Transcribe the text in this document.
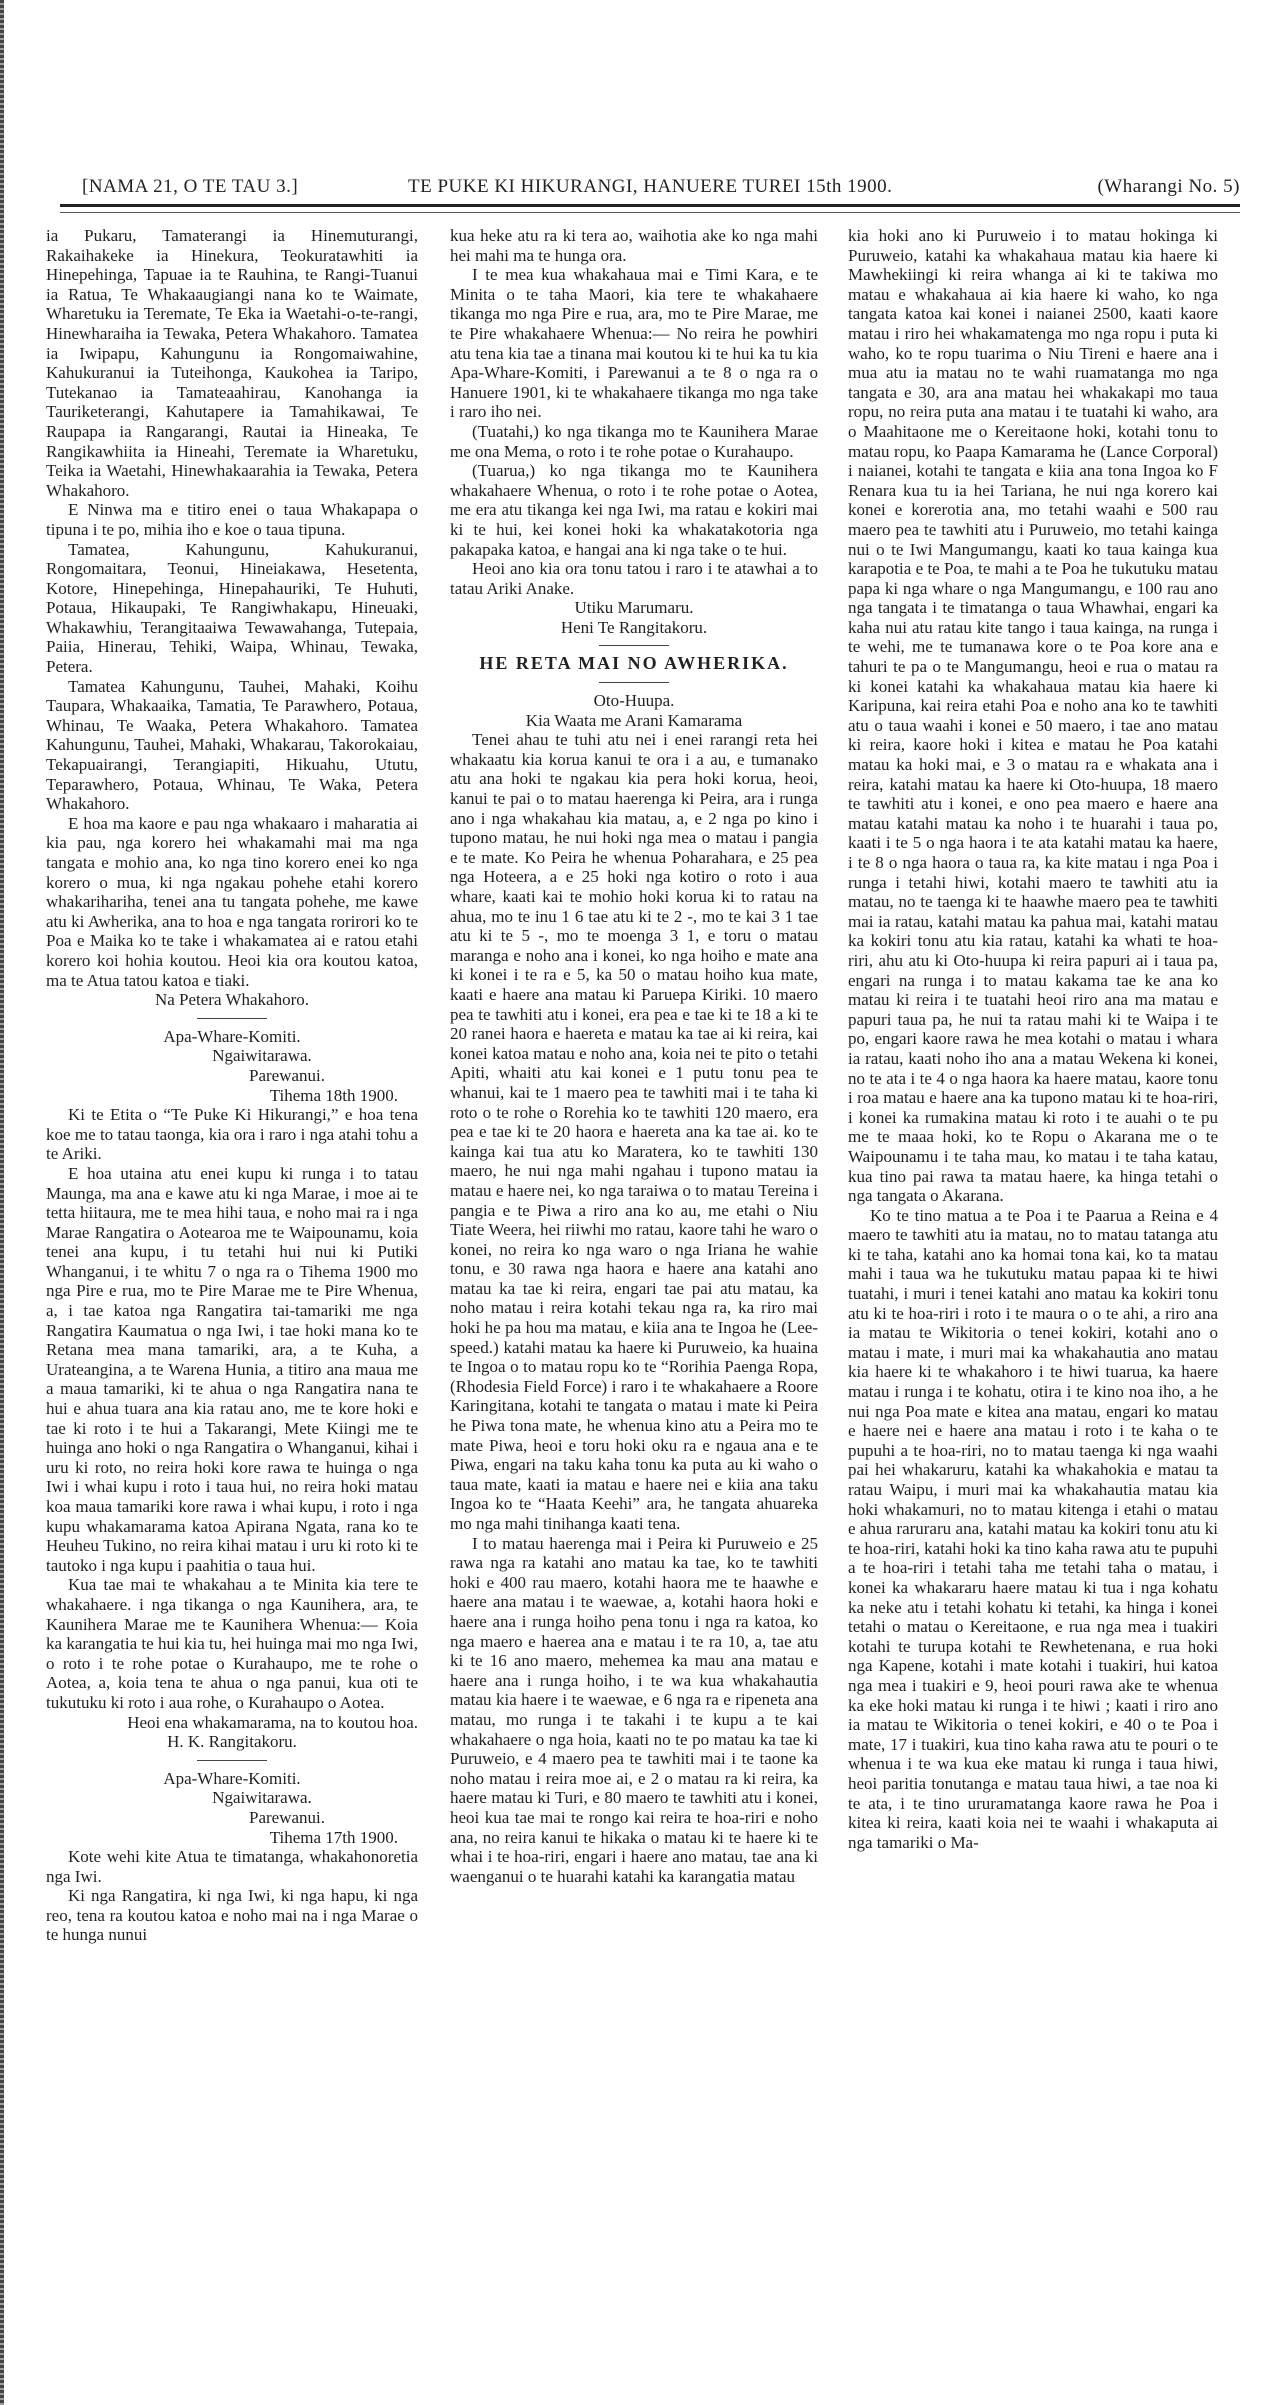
[NAMA 21, O TE TAU 3.]	TE PUKE KI HIKURANGI, HANUERE TUREI 15th 1900.	(Wharangi No. 5)

ia Pukaru, Tamaterangi ia Hinemuturangi, Rakaihakeke ia Hinekura, Teokuratawhiti ia Hinepehinga, Tapuae ia te Rauhina, te Rangi-Tuanui ia Ratua, Te Whakaaugiangi nana ko te Waimate, Wharetuku ia Teremate, Te Eka ia Waetahi-o-te-rangi, Hinewharaiha ia Tewaka, Petera Whakahoro. Tamatea ia Iwipapu, Kahungunu ia Rongomaiwahine, Kahukuranui ia Tuteihonga, Kaukohea ia Taripo, Tutekanao ia Tamateaahirau, Kanohanga ia Tauriketerangi, Kahutapere ia Tamahikawai, Te Raupapa ia Rangarangi, Rautai ia Hineaka, Te Rangikawhiita ia Hineahi, Teremate ia Wharetuku, Teika ia Waetahi, Hinewhakaarahia ia Tewaka, Petera Whakahoro.

E Ninwa ma e titiro enei o taua Whakapapa o tipuna i te po, mihia iho e koe o taua tipuna.

Tamatea, Kahungunu, Kahukuranui, Rongomaitara, Teonui, Hineiakawa, Hesetenta, Kotore, Hinepehinga, Hinepahauriki, Te Huhuti, Potaua, Hikaupaki, Te Rangiwhakapu, Hineuaki, Whakawhiu, Terangitaaiwa Tewawahanga, Tutepaia, Paiia, Hinerau, Tehiki, Waipa, Whinau, Tewaka, Petera.

Tamatea Kahungunu, Tauhei, Mahaki, Koihu Taupara, Whakaaika, Tamatia, Te Parawhero, Potaua, Whinau, Te Waaka, Petera Whakahoro. Tamatea Kahungunu, Tauhei, Mahaki, Whakarau, Takorokaiau, Tekapuairangi, Terangiapiti, Hikuahu, Ututu, Teparawhero, Potaua, Whinau, Te Waka, Petera Whakahoro.

E hoa ma kaore e pau nga whakaaro i maharatia ai kia pau, nga korero hei whakamahi mai ma nga tangata e mohio ana, ko nga tino korero enei ko nga korero o mua, ki nga ngakau pohehe etahi korero whakarihariha, tenei ana tu tangata pohehe, me kawe atu ki Awherika, ana to hoa e nga tangata rorirori ko te Poa e Maika ko te take i whakamatea ai e ratou etahi korero koi hohia koutou. Heoi kia ora koutou katoa, ma te Atua tatou katoa e tiaki.

Na Petera Whakahoro.

Apa-Whare-Komiti.

Ngaiwitarawa.

Parewanui.

Tihema 18th 1900.

Ki te Etita o “Te Puke Ki Hikurangi,” e hoa tena koe me to tatau taonga, kia ora i raro i nga atahi tohu a te Ariki.

E hoa utaina atu enei kupu ki runga i to tatau Maunga, ma ana e kawe atu ki nga Marae, i moe ai te tetta hiitaura, me te mea hihi taua, e noho mai ra i nga Marae Rangatira o Aotearoa me te Waipounamu, koia tenei ana kupu, i tu tetahi hui nui ki Putiki Whanganui, i te whitu 7 o nga ra o Tihema 1900 mo nga Pire e rua, mo te Pire Marae me te Pire Whenua, a, i tae katoa nga Rangatira tai-tamariki me nga Rangatira Kaumatua o nga Iwi, i tae hoki mana ko te Retana mea mana tamariki, ara, a te Kuha, a Urateangina, a te Warena Hunia, a titiro ana maua me a maua tamariki, ki te ahua o nga Rangatira nana te hui e ahua tuara ana kia ratau ano, me te kore hoki e tae ki roto i te hui a Takarangi, Mete Kiingi me te huinga ano hoki o nga Rangatira o Whanganui, kihai i uru ki roto, no reira hoki kore rawa te huinga o nga Iwi i whai kupu i roto i taua hui, no reira hoki matau koa maua tamariki kore rawa i whai kupu, i roto i nga kupu whakamarama katoa Apirana Ngata, rana ko te Heuheu Tukino, no reira kihai matau i uru ki roto ki te tautoko i nga kupu i paahitia o taua hui.

Kua tae mai te whakahau a te Minita kia tere te whakahaere. i nga tikanga o nga Kaunihera, ara, te Kaunihera Marae me te Kaunihera Whenua:— Koia ka karangatia te hui kia tu, hei huinga mai mo nga Iwi, o roto i te rohe potae o Kurahaupo, me te rohe o Aotea, a, koia tena te ahua o nga panui, kua oti te tukutuku ki roto i aua rohe, o Kurahaupo o Aotea.

Heoi ena whakamarama, na to koutou hoa.

H. K. Rangitakoru.

Apa-Whare-Komiti.

Ngaiwitarawa.

Parewanui.

Tihema 17th 1900.

Kote wehi kite Atua te timatanga, whakahonoretia nga Iwi.

Ki nga Rangatira, ki nga Iwi, ki nga hapu, ki nga reo, tena ra koutou katoa e noho mai na i nga Marae o te hunga nunui

kua heke atu ra ki tera ao, waihotia ake ko nga mahi hei mahi ma te hunga ora.

I te mea kua whakahaua mai e Timi Kara, e te Minita o te taha Maori, kia tere te whakahaere tikanga mo nga Pire e rua, ara, mo te Pire Marae, me te Pire whakahaere Whenua:— No reira he powhiri atu tena kia tae a tinana mai koutou ki te hui ka tu kia Apa-Whare-Komiti, i Parewanui a te 8 o nga ra o Hanuere 1901, ki te whakahaere tikanga mo nga take i raro iho nei.

(Tuatahi,) ko nga tikanga mo te Kaunihera Marae me ona Mema, o roto i te rohe potae o Kurahaupo.

(Tuarua,) ko nga tikanga mo te Kaunihera whakahaere Whenua, o roto i te rohe potae o Aotea, me era atu tikanga kei nga Iwi, ma ratau e kokiri mai ki te hui, kei konei hoki ka whakatakotoria nga pakapaka katoa, e hangai ana ki nga take o te hui.

Heoi ano kia ora tonu tatou i raro i te atawhai a to tatau Ariki Anake.

Utiku Marumaru.

Heni Te Rangitakoru.

HE RETA MAI NO AWHERIKA.

Oto-Huupa.

Kia Waata me Arani Kamarama

Tenei ahau te tuhi atu nei i enei rarangi reta hei whakaatu kia korua kanui te ora i a au, e tumanako atu ana hoki te ngakau kia pera hoki korua, heoi, kanui te pai o to matau haerenga ki Peira, ara i runga ano i nga whakahau kia matau, a, e 2 nga po kino i tupono matau, he nui hoki nga mea o matau i pangia e te mate. Ko Peira he whenua Poharahara, e 25 pea nga Hoteera, a e 25 hoki nga kotiro o roto i aua whare, kaati kai te mohio hoki korua ki to ratau na ahua, mo te inu 1 6 tae atu ki te 2 -, mo te kai 3 1 tae atu ki te 5 -, mo te moenga 3 1, e toru o matau maranga e noho ana i konei, ko nga hoiho e mate ana ki konei i te ra e 5, ka 50 o matau hoiho kua mate, kaati e haere ana matau ki Paruepa Kiriki. 10 maero pea te tawhiti atu i konei, era pea e tae ki te 18 a ki te 20 ranei haora e haereta e matau ka tae ai ki reira, kai konei katoa matau e noho ana, koia nei te pito o tetahi Apiti, whaiti atu kai konei e 1 putu tonu pea te whanui, kai te 1 maero pea te tawhiti mai i te taha ki roto o te rohe o Rorehia ko te tawhiti 120 maero, era pea e tae ki te 20 haora e haereta ana ka tae ai. ko te kainga kai tua atu ko Maratera, ko te tawhiti 130 maero, he nui nga mahi ngahau i tupono matau ia matau e haere nei, ko nga taraiwa o to matau Tereina i pangia e te Piwa a riro ana ko au, me etahi o Niu Tiate Weera, hei riiwhi mo ratau, kaore tahi he waro o konei, no reira ko nga waro o nga Iriana he wahie tonu, e 30 rawa nga haora e haere ana katahi ano matau ka tae ki reira, engari tae pai atu matau, ka noho matau i reira kotahi tekau nga ra, ka riro mai hoki he pa hou ma matau, e kiia ana te Ingoa he (Lee-speed.) katahi matau ka haere ki Puruweio, ka huaina te Ingoa o to matau ropu ko te “Rorihia Paenga Ropa, (Rhodesia Field Force) i raro i te whakahaere a Roore Karingitana, kotahi te tangata o matau i mate ki Peira he Piwa tona mate, he whenua kino atu a Peira mo te mate Piwa, heoi e toru hoki oku ra e ngaua ana e te Piwa, engari na taku kaha tonu ka puta au ki waho o taua mate, kaati ia matau e haere nei e kiia ana taku Ingoa ko te “Haata Keehi” ara, he tangata ahuareka mo nga mahi tinihanga kaati tena.

I to matau haerenga mai i Peira ki Puruweio e 25 rawa nga ra katahi ano matau ka tae, ko te tawhiti hoki e 400 rau maero, kotahi haora me te haawhe e haere ana matau i te waewae, a, kotahi haora hoki e haere ana i runga hoiho pena tonu i nga ra katoa, ko nga maero e haerea ana e matau i te ra 10, a, tae atu ki te 16 ano maero, mehemea ka mau ana matau e haere ana i runga hoiho, i te wa kua whakahautia matau kia haere i te waewae, e 6 nga ra e ripeneta ana matau, mo runga i te takahi i te kupu a te kai whakahaere o nga hoia, kaati no te po matau ka tae ki Puruweio, e 4 maero pea te tawhiti mai i te taone ka noho matau i reira moe ai, e 2 o matau ra ki reira, ka haere matau ki Turi, e 80 maero te tawhiti atu i konei, heoi kua tae mai te rongo kai reira te hoa-riri e noho ana, no reira kanui te hikaka o matau ki te haere ki te whai i te hoa-riri, engari i haere ano matau, tae ana ki waenganui o te huarahi katahi ka karangatia matau

kia hoki ano ki Puruweio i to matau hokinga ki Puruweio, katahi ka whakahaua matau kia haere ki Mawhekiingi ki reira whanga ai ki te takiwa mo matau e whakahaua ai kia haere ki waho, ko nga tangata katoa kai konei i naianei 2500, kaati kaore matau i riro hei whakamatenga mo nga ropu i puta ki waho, ko te ropu tuarima o Niu Tireni e haere ana i mua atu ia matau no te wahi ruamatanga mo nga tangata e 30, ara ana matau hei whakakapi mo taua ropu, no reira puta ana matau i te tuatahi ki waho, ara o Maahitaone me o Kereitaone hoki, kotahi tonu to matau ropu, ko Paapa Kamarama he (Lance Corporal) i naianei, kotahi te tangata e kiia ana tona Ingoa ko F Renara kua tu ia hei Tariana, he nui nga korero kai konei e korerotia ana, mo tetahi waahi e 500 rau maero pea te tawhiti atu i Puruweio, mo tetahi kainga nui o te Iwi Mangumangu, kaati ko taua kainga kua karapotia e te Poa, te mahi a te Poa he tukutuku matau papa ki nga whare o nga Mangumangu, e 100 rau ano nga tangata i te timatanga o taua Whawhai, engari ka kaha nui atu ratau kite tango i taua kainga, na runga i te wehi, me te tumanawa kore o te Poa kore ana e tahuri te pa o te Mangumangu, heoi e rua o matau ra ki konei katahi ka whakahaua matau kia haere ki Karipuna, kai reira etahi Poa e noho ana ko te tawhiti atu o taua waahi i konei e 50 maero, i tae ano matau ki reira, kaore hoki i kitea e matau he Poa katahi matau ka hoki mai, e 3 o matau ra e whakata ana i reira, katahi matau ka haere ki Oto-huupa, 18 maero te tawhiti atu i konei, e ono pea maero e haere ana matau katahi matau ka noho i te huarahi i taua po, kaati i te 5 o nga haora i te ata katahi matau ka haere, i te 8 o nga haora o taua ra, ka kite matau i nga Poa i runga i tetahi hiwi, kotahi maero te tawhiti atu ia matau, no te taenga ki te haawhe maero pea te tawhiti mai ia ratau, katahi matau ka pahua mai, katahi matau ka kokiri tonu atu kia ratau, katahi ka whati te hoa-riri, ahu atu ki Oto-huupa ki reira papuri ai i taua pa, engari na runga i to matau kakama tae ke ana ko matau ki reira i te tuatahi heoi riro ana ma matau e papuri taua pa, he nui ta ratau mahi ki te Waipa i te po, engari kaore rawa he mea kotahi o matau i whara ia ratau, kaati noho iho ana a matau Wekena ki konei, no te ata i te 4 o nga haora ka haere matau, kaore tonu i roa matau e haere ana ka tupono matau ki te hoa-riri, i konei ka rumakina matau ki roto i te auahi o te pu me te maaa hoki, ko te Ropu o Akarana me o te Waipounamu i te taha mau, ko matau i te taha katau, kua tino pai rawa ta matau haere, ka hinga tetahi o nga tangata o Akarana.

Ko te tino matua a te Poa i te Paarua a Reina e 4 maero te tawhiti atu ia matau, no to matau tatanga atu ki te taha, katahi ano ka homai tona kai, ko ta matau mahi i taua wa he tukutuku matau papaa ki te hiwi tuatahi, i muri i tenei katahi ano matau ka kokiri tonu atu ki te hoa-riri i roto i te maura o o te ahi, a riro ana ia matau te Wikitoria o tenei kokiri, kotahi ano o matau i mate, i muri mai ka whakahautia ano matau kia haere ki te whakahoro i te hiwi tuarua, ka haere matau i runga i te kohatu, otira i te kino noa iho, a he nui nga Poa mate e kitea ana matau, engari ko matau e haere nei e haere ana matau i roto i te kaha o te pupuhi a te hoa-riri, no to matau taenga ki nga waahi pai hei whakaruru, katahi ka whakahokia e matau ta ratau Waipu, i muri mai ka whakahautia matau kia hoki whakamuri, no to matau kitenga i etahi o matau e ahua raruraru ana, katahi matau ka kokiri tonu atu ki te hoa-riri, katahi hoki ka tino kaha rawa atu te pupuhi a te hoa-riri i tetahi taha me tetahi taha o matau, i konei ka whakararu haere matau ki tua i nga kohatu ka neke atu i tetahi kohatu ki tetahi, ka hinga i konei tetahi o matau o Kereitaone, e rua nga mea i tuakiri kotahi te turupa kotahi te Rewhetenana, e rua hoki nga Kapene, kotahi i mate kotahi i tuakiri, hui katoa nga mea i tuakiri e 9, heoi pouri rawa ake te whenua ka eke hoki matau ki runga i te hiwi ; kaati i riro ano ia matau te Wikitoria o tenei kokiri, e 40 o te Poa i mate, 17 i tuakiri, kua tino kaha rawa atu te pouri o te whenua i te wa kua eke matau ki runga i taua hiwi, heoi paritia tonutanga e matau taua hiwi, a tae noa ki te ata, i te tino ururamatanga kaore rawa he Poa i kitea ki reira, kaati koia nei te waahi i whakaputa ai nga tamariki o Ma-
